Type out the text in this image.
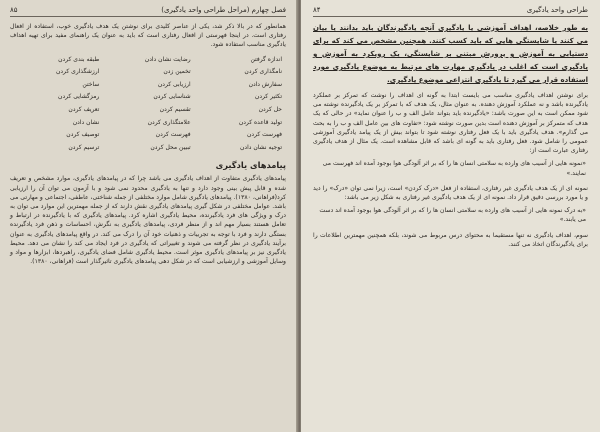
فصل چهارم (مراحل طراحی واحد یادگیری)
۸۵

همانطور که در بالا ذکر شد، یکی از عناصر کلیدی برای نوشتن یک هدف یادگیری خوب، استفاده از افعال رفتاری است. در اینجا فهرستی از افعال رفتاری است که باید به عنوان یک راهنمای مفید برای تهیه اهداف یادگیری مناسب استفاده شود.

اندازه گرفتن
رضایت نشان دادن
طبقه بندی کردن
نامگذاری کردن
تخمین زدن
ارزشگذاری کردن
سفارش دادن
ارزیابی کردن
ساختن
تکثیر کردن
شناسایی کردن
رمزگشایی کردن
حل کردن
تقسیم کردن
تعریف کردن
توليد قاعده كردن
علامتگذاری کردن
نشان دادن
فهرست کردن
فهرست کردن
توصیف کردن
توجیه نشان دادن
تبیین محل کردن
ترسیم کردن
پیامدهای یادگیری

پیامدهای یادگیری متفاوت از اهداف یادگیری می باشد چرا که در پیامدهای یادگیری، موارد مشخص و تعریف شده و قابل پیش بینی وجود دارد و تنها به یادگیری محدود نمی شود و با آزمون می توان آن را ارزیابی کرد(فراهانی، ۱۳۸۰). پیامدهای یادگیری شامل موارد مختلفی از جمله شناختی، عاطفی، اجتماعی و مهارتی می باشد. عوامل مختلفی در شکل گیری پیامدهای یادگیری نقش دارند که از جمله مهمترین این موارد می توان به درک و ویژگی های فرد یادگیرنده، محیط یادگیری اشاره کرد. پیامدهای یادگیری که با یادگیرنده در ارتباط و تعامل هستند بسیار مهم اند و از منظر فردی، پیامدهای یادگیری به نگرش، احساسات و ذهن فرد یادگیرنده بستگی دارند و فرد با توجه به تجربیات و ذهنیات خود آن را درک می کند. در واقع پیامدهای یادگیری به عنوان برآیند یادگیری در نظر گرفته می شوند و تغییراتی که یادگیری در فرد ایجاد می کند را نشان می دهد. محیط یادگیری نیز بر پیامدهای یادگیری موثر است. محیط یادگیری شامل فضای یادگیری، راهبردها، ابزارها و مواد و وسایل آموزشی و ارزشیابی است که در شکل دهی پیامدهای یادگیری تاثیرگذار است (فراهانی، ۱۳۸۰).

طراحی واحد یادگیری
۸۴

به طور خلاصه، اهداف آموزشی یا یادگیری آنچه یادگیرندگان باید بدانند یا بیان می کنند یا شایستگی هایی که باید کسب کنند. همچنین مشخص می کند که برای دستیابی به آموزش و پرورش مبتنی بر شایستگی، یک رویکرد به آموزش و یادگیری است که اغلب در یادگیری مهارت های مرتبط به موضوع یادگیری مورد استفاده قرار می گیرد تا یادگیری انتزاعی موضوع یادگیری.

برای نوشتن اهداف یادگیری مناسب می بایست ابتدا به گونه ای اهداف را نوشت که تمرکز بر عملکرد یادگیرنده باشد و نه عملکرد آموزش دهنده. به عنوان مثال، یک هدف که با تمرکز بر یک یادگیرنده نوشته می شود ممکن است به این صورت باشد: «یادگیرنده باید بتواند عامل الف و ب را عنوان نماید» در حالی که یک هدف که متمرکز بر آموزش دهنده است بدین صورت نوشته شود: «تفاوت های بین عامل الف و ب را به بحث می گذارم». هدف یادگیری باید با یک فعل رفتاری نوشته شود تا بتواند بیش از یک پیامد یادگیری آموزشی عمومی را شامل شود. فعل رفتاری باید به گونه ای باشد که قابل مشاهده است. یک مثال از هدف یادگیری رفتاری عبارت است از:

«نمونه هایی از آسیب های وارده به سلامتی انسان ها را که بر اثر آلودگی هوا بوجود آمده اند فهرست می نمایند.»

نمونه ای از یک هدف یادگیری غیر رفتاری، استفاده از فعل «درک کردن» است، زیرا نمی توان «درک» را دید و یا مورد بررسی دقیق قرار داد. نمونه ای از یک هدف یادگیری غیر رفتاری به شکل زیر می باشد:

«به درک نمونه هایی از آسیب های وارده به سلامتی انسان ها را که بر اثر آلودگی هوا بوجود آمده اند دست می یابند.»

سوم، اهداف یادگیری نه تنها مستقیما به محتوای درس مربوط می شوند، بلکه همچنین مهمترین اطلاعات را برای یادگیرندگان اتخاذ می کنند.
